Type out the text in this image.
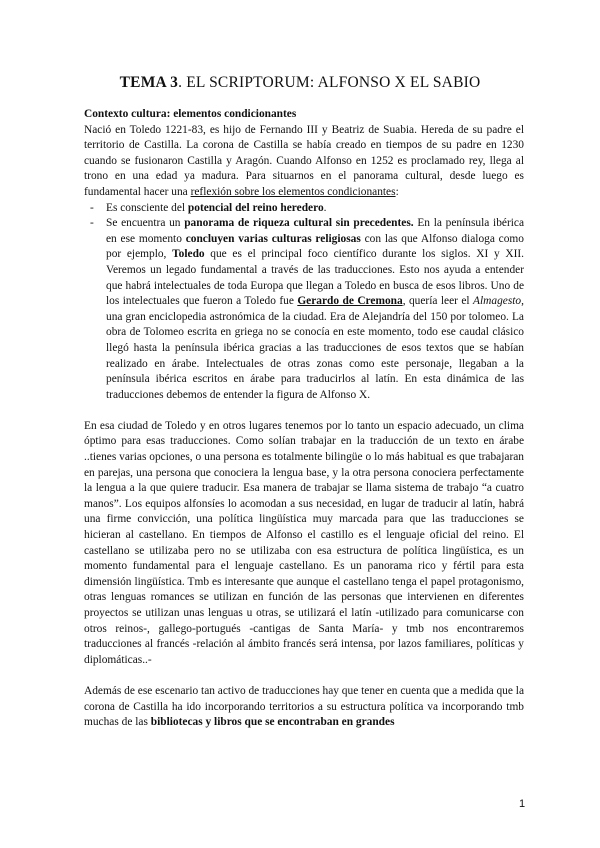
TEMA 3. EL SCRIPTORUM: ALFONSO X EL SABIO

Contexto cultura: elementos condicionantes

Nació en Toledo 1221-83, es hijo de Fernando III y Beatriz de Suabia. Hereda de su padre el territorio de Castilla. La corona de Castilla se había creado en tiempos de su padre en 1230 cuando se fusionaron Castilla y Aragón. Cuando Alfonso en 1252 es proclamado rey, llega al trono en una edad ya madura. Para situarnos en el panorama cultural, desde luego es fundamental hacer una reflexión sobre los elementos condicionantes:

- Es consciente del potencial del reino heredero.
- Se encuentra un panorama de riqueza cultural sin precedentes. En la península ibérica en ese momento concluyen varias culturas religiosas con las que Alfonso dialoga como por ejemplo, Toledo que es el principal foco científico durante los siglos. XI y XII. Veremos un legado fundamental a través de las traducciones. Esto nos ayuda a entender que habrá intelectuales de toda Europa que llegan a Toledo en busca de esos libros. Uno de los intelectuales que fueron a Toledo fue Gerardo de Cremona, quería leer el Almagesto, una gran enciclopedia astronómica de la ciudad. Era de Alejandría del 150 por tolomeo. La obra de Tolomeo escrita en griega no se conocía en este momento, todo ese caudal clásico llegó hasta la península ibérica gracias a las traducciones de esos textos que se habían realizado en árabe. Intelectuales de otras zonas como este personaje, llegaban a la península ibérica escritos en árabe para traducirlos al latín. En esta dinámica de las traducciones debemos de entender la figura de Alfonso X.

En esa ciudad de Toledo y en otros lugares tenemos por lo tanto un espacio adecuado, un clima óptimo para esas traducciones. Como solían trabajar en la traducción de un texto en árabe ..tienes varias opciones, o una persona es totalmente bilingüe o lo más habitual es que trabajaran en parejas, una persona que conociera la lengua base, y la otra persona conociera perfectamente la lengua a la que quiere traducir. Esa manera de trabajar se llama sistema de trabajo “a cuatro manos”. Los equipos alfonsíes lo acomodan a sus necesidad, en lugar de traducir al latín, habrá una firme convicción, una política lingüística muy marcada para que las traducciones se hicieran al castellano. En tiempos de Alfonso el castillo es el lenguaje oficial del reino. El castellano se utilizaba pero no se utilizaba con esa estructura de política lingüística, es un momento fundamental para el lenguaje castellano. Es un panorama rico y fértil para esta dimensión lingüística. Tmb es interesante que aunque el castellano tenga el papel protagonismo, otras lenguas romances se utilizan en función de las personas que intervienen en diferentes proyectos se utilizan unas lenguas u otras, se utilizará el latín -utilizado para comunicarse con otros reinos-, gallego-portugués -cantigas de Santa María- y tmb nos encontraremos traducciones al francés -relación al ámbito francés será intensa, por lazos familiares, políticas y diplomáticas..-

Además de ese escenario tan activo de traducciones hay que tener en cuenta que a medida que la corona de Castilla ha ido incorporando territorios a su estructura política va incorporando tmb muchas de las bibliotecas y libros que se encontraban en grandes

1
